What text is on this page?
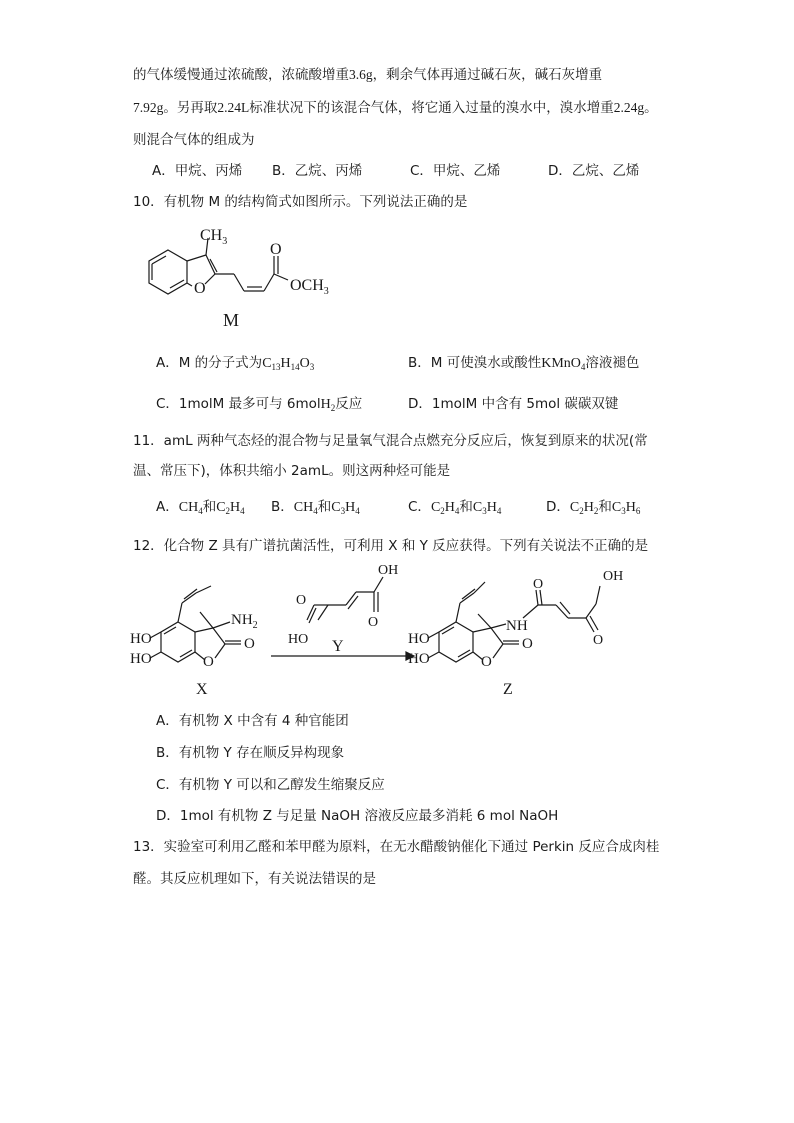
的气体缓慢通过浓硫酸，浓硫酸增重3.6g，剩余气体再通过碱石灰，碱石灰增重
7.92g。另再取2.24L标准状况下的该混合气体，将它通入过量的溴水中，溴水增重2.24g。
则混合气体的组成为
A．甲烷、丙烯 B．乙烷、丙烯	C．甲烷、乙烯	D．乙烷、乙烯
10．有机物 M 的结构简式如图所示。下列说法正确的是
$CH_3$	O
$OCH_3$
O
M
A．M 的分子式为$C_{13}H_{14}O_3$	B．M 可使溴水或酸性KMnO$_4$溶液褪色
C．1molM 最多可与 6molH$_2$反应	D．1molM 中含有 5mol 碳碳双键
11．amL 两种气态烃的混合物与足量氧气混合点燃充分反应后，恢复到原来的状况(常
温、常压下)，体积共缩小 2amL。则这两种烃可能是
A．$CH_4$和$C_2H_4$ B．$CH_4$和$C_3H_4$	C．$C_2H_4$和$C_3H_4$	D．$C_2H_2$和$C_3H_6$
12．化合物 Z 具有广谱抗菌活性，可利用 X 和 Y 反应获得。下列有关说法不正确的是
$NH_2$
HO
HO
O
O
X
OH
O
HO
O
Y
OH
O
O
NH
HO
HO
O
O
Z
A．有机物 X 中含有 4 种官能团
B．有机物 Y 存在顺反异构现象
C．有机物 Y 可以和乙醇发生缩聚反应
D．1mol 有机物 Z 与足量 NaOH 溶液反应最多消耗 6 mol NaOH
13．实验室可利用乙醛和苯甲醛为原料，在无水醋酸钠催化下通过 Perkin 反应合成肉桂
醛。其反应机理如下，有关说法错误的是
